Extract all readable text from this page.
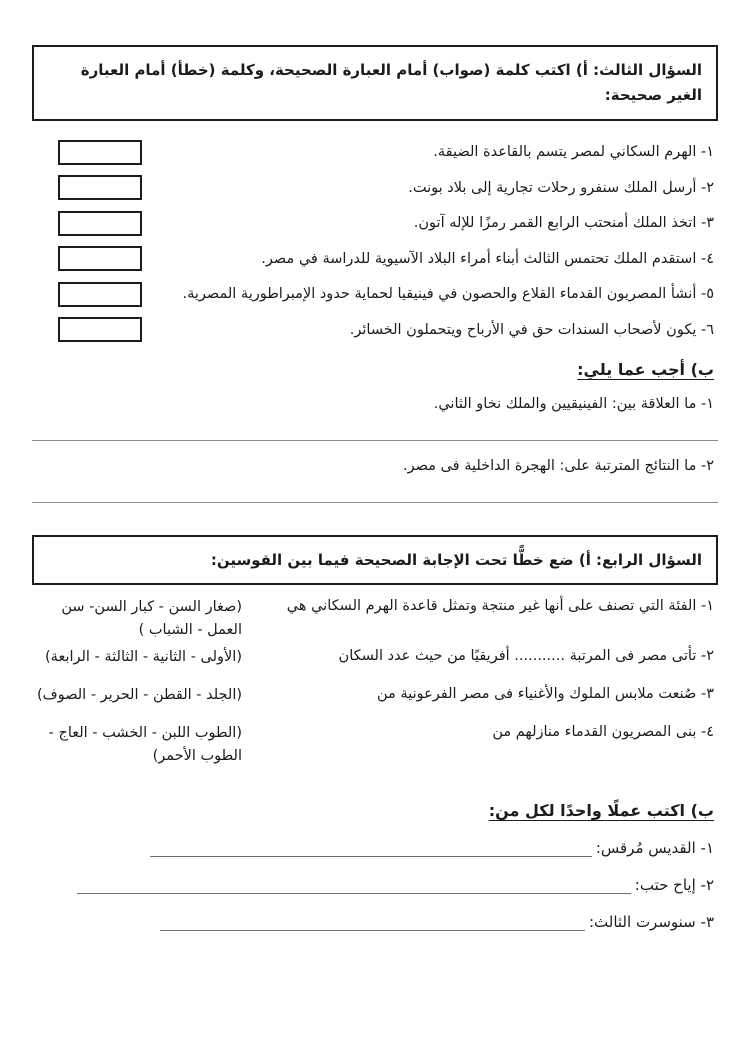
السؤال الثالث: أ) اكتب كلمة (صواب) أمام العبارة الصحيحة، وكلمة (خطأ) أمام العبارة الغير صحيحة:
١- الهرم السكاني لمصر يتسم بالقاعدة الضيقة.
٢- أرسل الملك سنفرو رحلات تجارية إلى بلاد بونت.
٣- اتخذ الملك أمنحتب الرابع القمر رمزًا للإله آتون.
٤- استقدم الملك تحتمس الثالث أبناء أمراء البلاد الآسيوية للدراسة في مصر.
٥- أنشأ المصريون القدماء القلاع والحصون في فينيقيا لحماية حدود الإمبراطورية المصرية.
٦- يكون لأصحاب السندات حق في الأرباح ويتحملون الخسائر.
ب) أجب عما يلي:
١- ما العلاقة بين: الفينيقيين والملك نخاو الثاني.
٢- ما النتائج المترتبة على: الهجرة الداخلية فى مصر.
السؤال الرابع: أ) ضع خطًّا تحت الإجابة الصحيحة فيما بين القوسين:
١- الفئة التي تصنف على أنها غير منتجة وتمثل قاعدة الهرم السكاني هي
(صغار السن - كبار السن- سن العمل - الشباب )
٢- تأتى مصر فى المرتبة ........... أفريقيًا من حيث عدد السكان
(الأولى - الثانية - الثالثة - الرابعة)
٣- صُنعت ملابس الملوك والأغنياء فى مصر الفرعونية من
(الجلد - القطن - الحرير - الصوف)
٤- بنى المصريون القدماء منازلهم من
(الطوب اللبن - الخشب - العاج - الطوب الأحمر)
ب) اكتب عملًا واحدًا لكل من:
١- القديس مُرقس:
٢- إياح حتب:
٣- سنوسرت الثالث:
